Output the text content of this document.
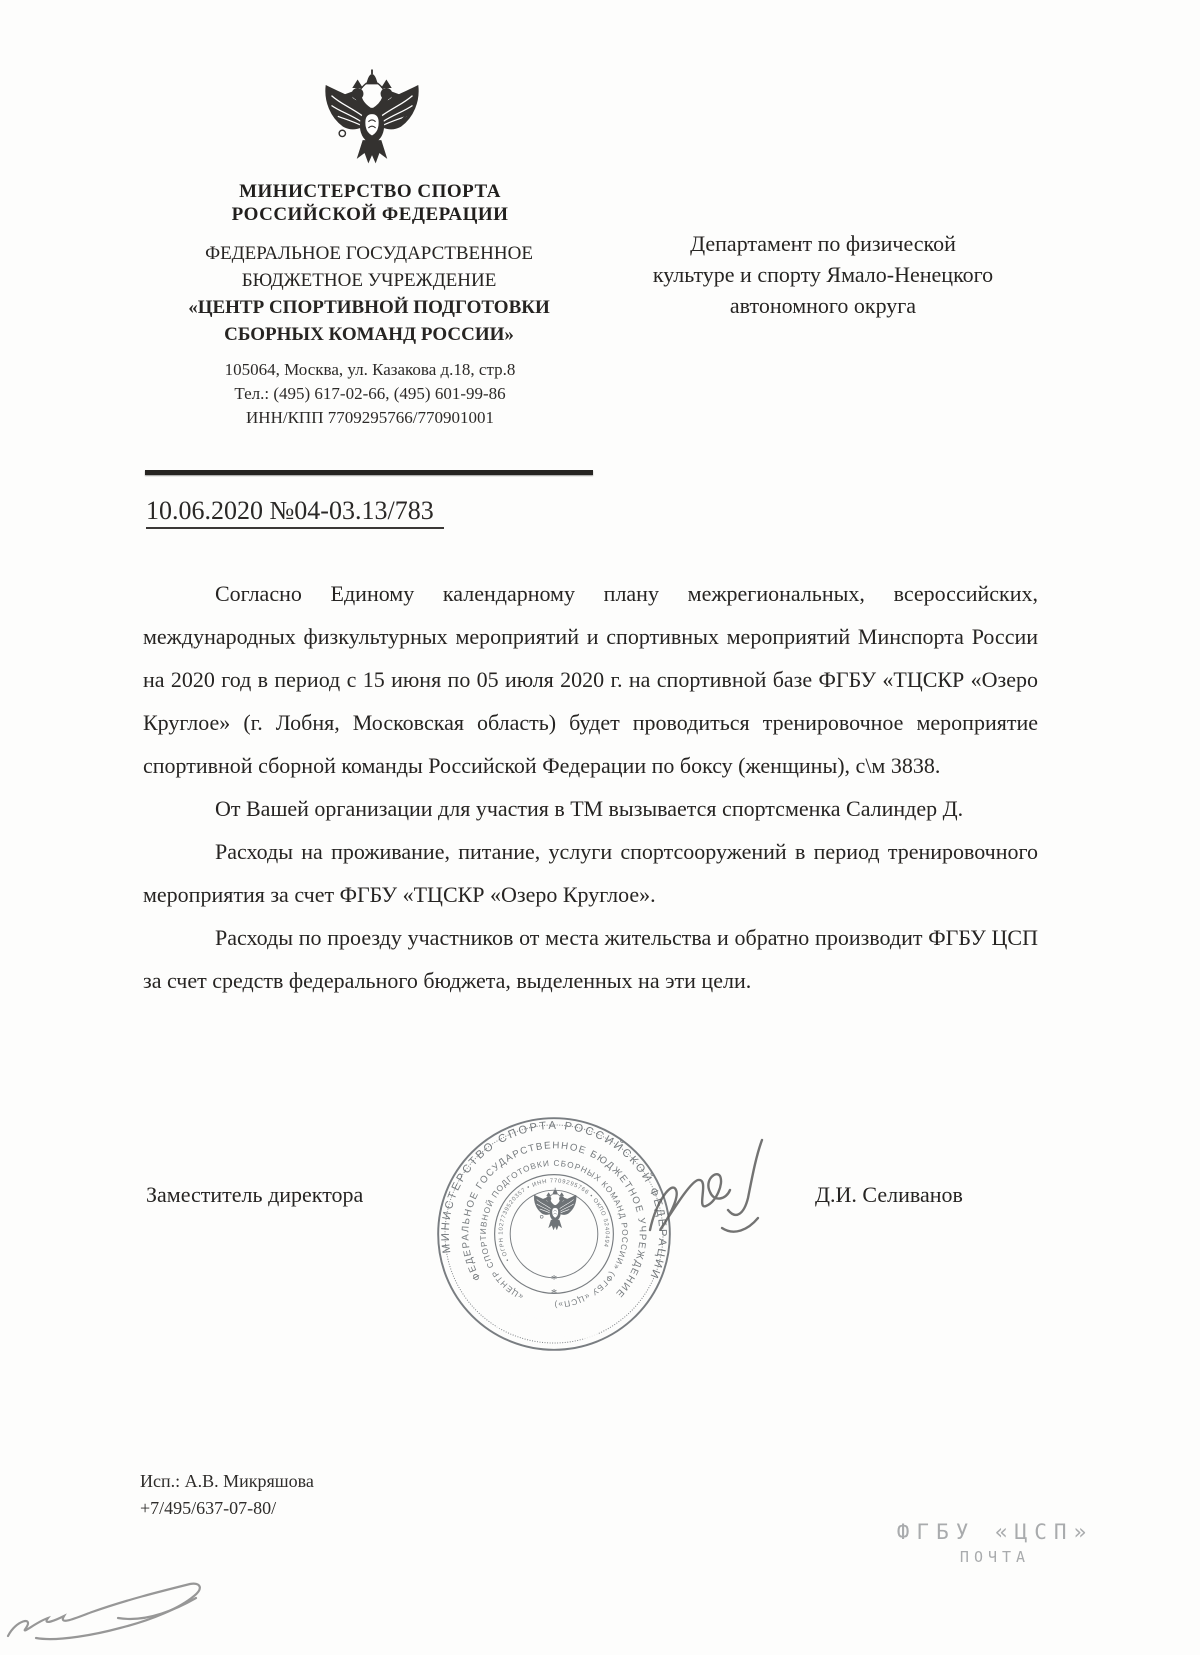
МИНИСТЕРСТВО СПОРТА
РОССИЙСКОЙ ФЕДЕРАЦИИ
ФЕДЕРАЛЬНОЕ ГОСУДАРСТВЕННОЕ
БЮДЖЕТНОЕ УЧРЕЖДЕНИЕ
«ЦЕНТР СПОРТИВНОЙ ПОДГОТОВКИ
СБОРНЫХ КОМАНД РОССИИ»
105064, Москва, ул. Казакова д.18, стр.8
Тел.: (495) 617-02-66, (495) 601-99-86
ИНН/КПП 7709295766/770901001
Департамент по физической
культуре и спорту Ямало-Ненецкого
автономного округа
10.06.2020 №04-03.13/783

Согласно Единому календарному плану межрегиональных, всероссийских, международных физкультурных мероприятий и спортивных мероприятий Минспорта России на 2020 год в период с 15 июня по 05 июля 2020 г. на спортивной базе ФГБУ «ТЦСКР «Озеро Круглое» (г. Лобня, Московская область) будет проводиться тренировочное мероприятие спортивной сборной команды Российской Федерации по боксу (женщины), с\м 3838.

От Вашей организации для участия в ТМ вызывается спортсменка Салиндер Д.

Расходы на проживание, питание, услуги спортсооружений в период тренировочного мероприятия за счет ФГБУ «ТЦСКР «Озеро Круглое».

Расходы по проезду участников от места жительства и обратно производит ФГБУ ЦСП за счет средств федерального бюджета, выделенных на эти цели.

Заместитель директора	Д.И. Селиванов
МИНИСТЕРСТВО СПОРТА РОССИЙСКОЙ ФЕДЕРАЦИИ
ФЕДЕРАЛЬНОЕ ГОСУДАРСТВЕННОЕ БЮДЖЕТНОЕ УЧРЕЖДЕНИЕ
«ЦЕНТР СПОРТИВНОЙ ПОДГОТОВКИ СБОРНЫХ КОМАНД РОССИИ» (ФГБУ «ЦСП»)
• ОГРН 1027739520357 • ИНН 7709295766 • ОКПО 5240494
*
*
Исп.: А.В. Микряшова
+7/495/637-07-80/
ФГБУ «ЦСП»
ПОЧТА
